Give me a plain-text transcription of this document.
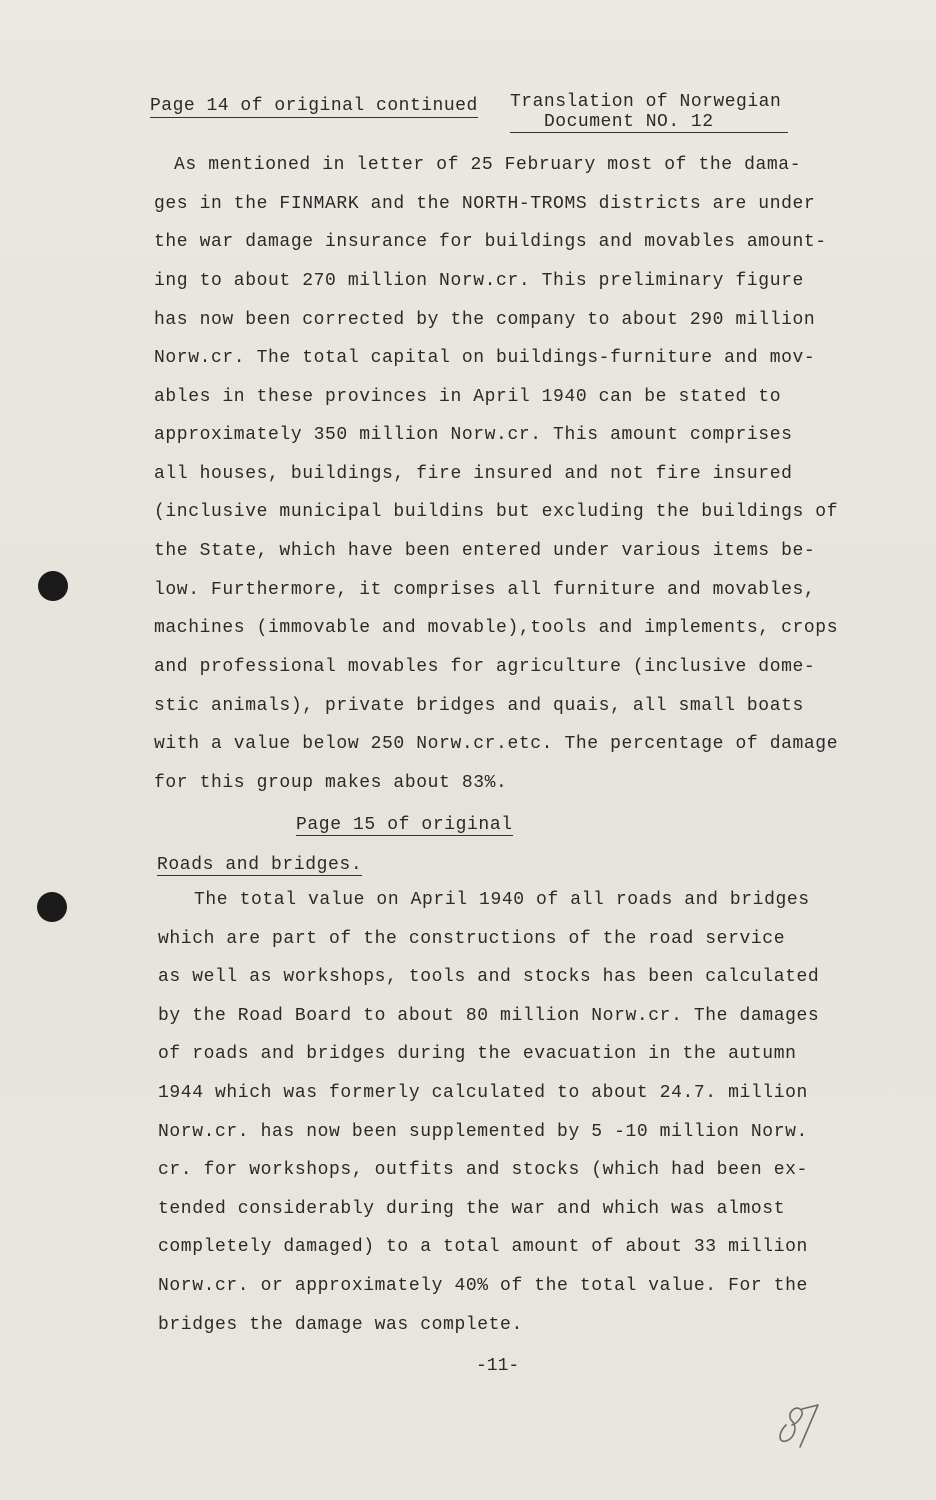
Page 14 of original continued Translation of Norwegian
Document NO. 12
As mentioned in letter of 25 February most of the dama-
ges in the FINMARK and the NORTH-TROMS districts are under
the war damage insurance for buildings and movables amount-
ing to about 270 million Norw.cr. This preliminary figure
has now been corrected by the company to about 290 million
Norw.cr. The total capital on buildings-furniture and mov-
ables in these provinces in April 1940 can be stated to
approximately 350 million Norw.cr. This amount comprises
all houses, buildings, fire insured and not fire insured
(inclusive municipal buildins but excluding the buildings of
the State, which have been entered under various items be-
low. Furthermore, it comprises all furniture and movables,
machines (immovable and movable),tools and implements, crops
and professional movables for agriculture (inclusive dome-
stic animals), private bridges and quais, all small boats
with a value below 250 Norw.cr.etc. The percentage of damage
for this group makes about 83%.
Page 15 of original
Roads and bridges.
The total value on April 1940 of all roads and bridges
which are part of the constructions of the road service
as well as workshops, tools and stocks has been calculated
by the Road Board to about 80 million Norw.cr. The damages
of roads and bridges during the evacuation in the autumn
1944 which was formerly calculated to about 24.7. million
Norw.cr. has now been supplemented by 5 -10 million Norw.
cr. for workshops, outfits and stocks (which had been ex-
tended considerably during the war and which was almost
completely damaged) to a total amount of about 33 million
Norw.cr. or approximately 40% of the total value. For the
bridges the damage was complete.
-11-
